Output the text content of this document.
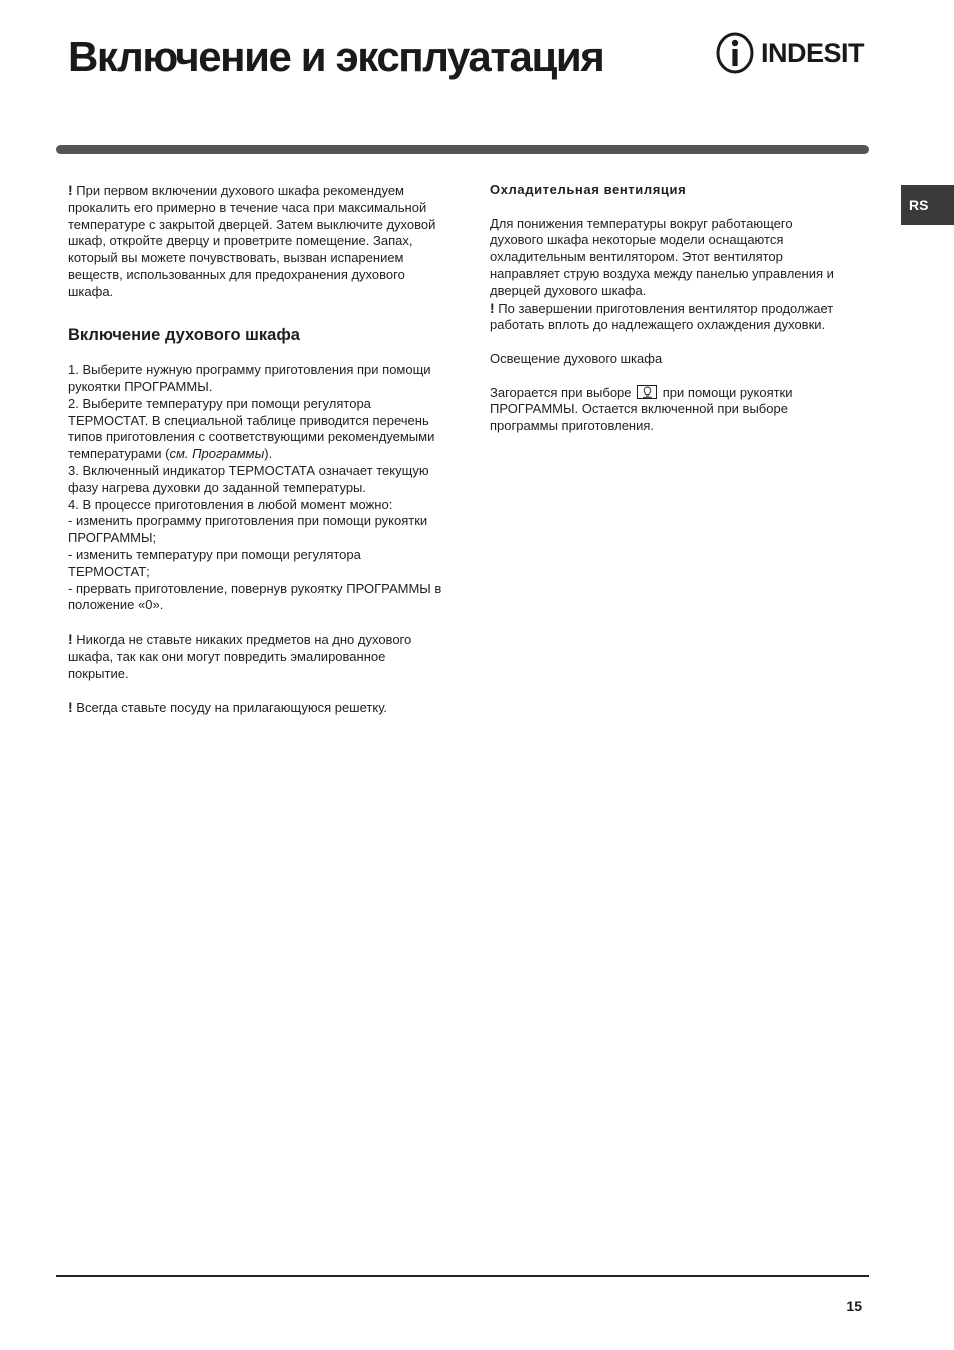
Включение и эксплуатация	INDESIT
RS

! При первом включении духового шкафа рекомендуем прокалить его примерно в течение часа при максимальной температуре с закрытой дверцей. Затем выключите духовой шкаф, откройте дверцу и проветрите помещение. Запах, который вы можете почувствовать, вызван испарением веществ, использованных для предохранения духового шкафа.

Включение духового шкафа

1. Выберите нужную программу приготовления при помощи рукоятки ПРОГРАММЫ.

2. Выберите температуру при помощи регулятора ТЕРМОСТАТ. В специальной таблице приводится перечень типов приготовления с соответствующими рекомендуемыми температурами (см. Программы).

3. Включенный индикатор ТЕРМОСТАТА означает текущую фазу нагрева духовки до заданной температуры.

4. В процессе приготовления в любой момент можно:

- изменить программу приготовления при помощи рукоятки ПРОГРАММЫ;

- изменить температуру при помощи регулятора ТЕРМОСТАТ;

- прервать приготовление, повернув рукоятку ПРОГРАММЫ в положение «0».

! Никогда не ставьте никаких предметов на дно духового шкафа, так как они могут повредить эмалированное покрытие.

! Всегда ставьте посуду на прилагающуюся решетку.

Охладительная вентиляция

Для понижения температуры вокруг работающего духового шкафа некоторые модели оснащаются охладительным вентилятором. Этот вентилятор направляет струю воздуха между панелью управления и дверцей духового шкафа.

! По завершении приготовления вентилятор продолжает работать вплоть до надлежащего охлаждения духовки.

Освещение духового шкафа

Загорается при выборе при помощи рукоятки ПРОГРАММЫ. Остается включенной при выборе программы приготовления.

15
